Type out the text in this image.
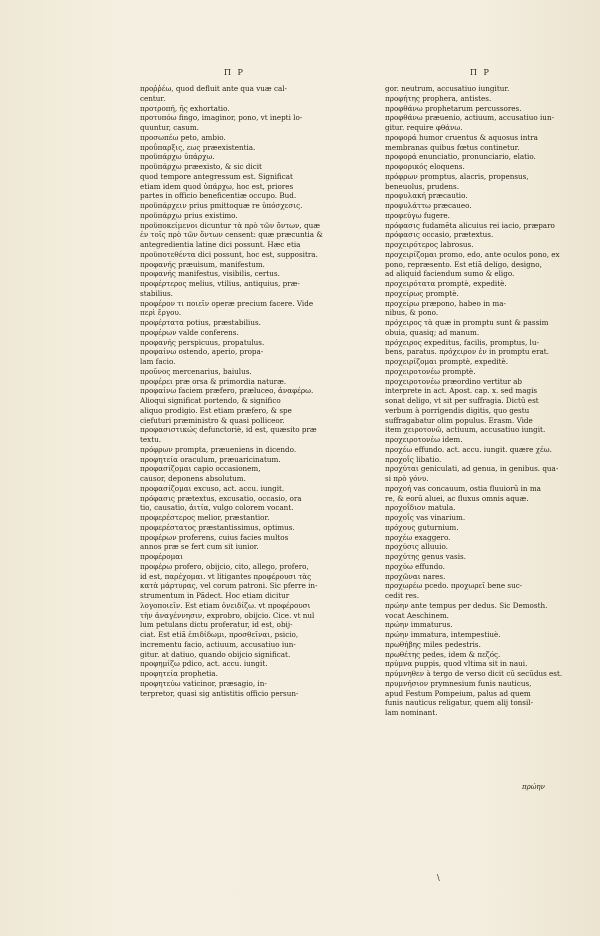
Π Ρ	Π Ρ

προῤῥέω, quod defluit ante qua vuæ cal-

centur.

προτροπή, ῆς exhortatio.

προτυπόω fingo, imaginor, pono, vt inepti lo-

quuntur, casum.

προσωπέω peto, ambio.

προΰπαρξις, εως præexistentia.

* προϋπάρχω ὑπάρχω.

* προϋπάρχω præexisto, & sic dicit

quod tempore antegressum est. Significat

etiam idem quod ὑπάρχω, hoc est, priores

partes in officio beneficentiæ occupo. Bud.

προϋπάρχειν prius pmittoquæ re ὑπόσχεσις.

προϋπάρχω prius existimo.

* προϋποκείμενοι dicuntur τὰ πρὸ τῶν ὄντων, quæ

ἐν τοῖς πρὸ τῶν ὄντων censent: quæ præcuntia &

antegredientia latine dici possunt. Hæc etia

προϋποτεθέντα dici possunt, hoc est, suppositra.

προφανής præuisum, manifestum.

προφανής manifestus, visibilis, certus.

* προφέρτερος melius, vtilius, antiquius, præ-

stabilius.

προφέρον τι ποιεῖν operæ precium facere. Vide

περὶ ἔργου.

προφέρτατα potius, præstabilius.

προφέρων valde conferens.

προφανής perspicuus, propatulus.

προφαίνω ostendo, aperio, propa-

lam facio.

προῦνος mercenarius, baiulus.

* προφέρει præ orsa & primordia naturæ.

* προφαίνω faciem præfero, præluceo, ἀναφέρω.

Alioqui significat portendo, & significo

aliquo prodigio. Est etiam præfero, & spe

ciefuturi præministro & quasi polliceor.

* προφασιστικώς defunctoriè, id est, quæsito præ

textu.

πρόφρων prompta, præueniens in dicendo.

προφητεία oraculum, præuaricinatum.

προφασίζομαι capio occasionem,

causor, deponens absolutum.

προφασίζομαι excuso, act. accu. iungit.

πρόφασις prætextus, excusatio, occasio, ora

tio, causatio, ἀιτία, vulgo colorem vocant.

προφερέστερος melior, præstantior.

προφερέστατος præstantissimus, optimus.

προφέρων proferens, cuius facies multos

annos præ se fert cum sit iunior.

* προφέρομαι

* προφέρω profero, obijcio, cito, allego, profero,

id est, παρέχομαι. vt litigantes προφέρουσι τὰς

κατὰ μάρτυρας, vel corum patroni. Sic pferre in-

strumentum in Pãdect. Hoc etiam dicitur

λογοποιεῖν. Est etiam ὀνειδίζω. vt προφέρουσι

τὴν ἀναγέννησιν, exprobro, obijcio. Cice. vt nul

lum petulans dictu proferatur, id est, obij-

ciat. Est etiã ἐπιδίδωμι, προσθεῖναι, psicio,

incrementu facio, actiuum, accusatiuo iun-

gitur. at datiuo, quando obijcio significat.

προφημίζω pdico, act. accu. iungit.

προφητεία prophetia.

* προφητεύω vaticinor, præsagio, in-

terpretor, quasi sig antistitis officio persun-

gor. neutrum, accusatiuo iungitur.

προφήτης prophera, antistes.

προφθάνω prophetarum percussores.

προφθάνω præuenio, actiuum, accusatiuo iun-

gitur. require φθάνω.

προφορά humor cruentus & aquosus intra

membranas quibus fœtus continetur.

προφορά enunciatio, pronunciario, elatio.

προφορικός eloquens.

* πρόφρων promptus, alacris, propensus,

beneuolus, prudens.

προφυλακή præcautio.

* προφυλάττω præcaueo.

προφεύγω fugere.

* πρόφασις fudamēta alicuius rei iacio, præparo

πρόφασις occasio, prætextus.

προχειρότερος labrosus.

* προχειρίζομαι promo, edo, ante oculos pono, ex

pono, repræsento. Est etiã deligo, designo,

ad aliquid faciendum sumo & eligo.

προχειρότατα promptè, expeditè.

προχείρως promptè.

* προχείρω præpono, habeo in ma-

nibus, & pono.

* πρόχειρος τὰ quæ in promptu sunt & passim

obuia, quasiq; ad manum.

πρόχειρος expeditus, facilis, promptus, lu-

* bens, paratus. πρόχειρον ἐν in promptu erat.

προχειρίζομαι promptè, expeditè.

προχειροτονέω promptè.

* προχειροτονέω præordino vertitur ab

interprete in act. Apost. cap. x. sed magis

sonat deligo, vt sit per suffragia. Dictū est

* verbum à porrigendis digitis, quo gestu

suffragabatur olim populus. Erasm. Vide

item χειροτονῶ, actiuum, accusatiuo iungit.

προχειροτονέω idem.

προχέω effundo. act. accu. iungit. quære χέω.

προχοΐς libatio.

προχύται geniculati, ad genua, in genibus. qua-

si πρὸ γόνυ.

* προχοή vas concauum, ostia fluuiorū in ma

re, & eorū aluei, ac fluxus omnis aquæ.

προχοΐδιον matula.

προχοΐς vas vinarium.

πρόχους guturnium.

προχέω exaggero.

προχύσις alluuio.

προχύτης genus vasis.

* προχύω effundo.

προχῶναι nares.

προχωρέω pcedo. προχωρεῖ bene suc-

cedit res.

* πρώην ante tempus per dedus. Sic Demosth.

vocat Aeschinem.

πρώην immaturus.

πρώην immatura, intempestiuè.

πρωθήβης miles pedestris.

πρωθέτης pedes, idem & πεζός.

πρύμνα puppis, quod vltima sit in naui.

πρύμνηθεν à tergo de verso dicit cū secūdus est.

πρυμνήσιον prymnesium funis nauticus,

apud Festum Pompeium, palus ad quem

funis nauticus religatur, quem alij tonsil-

lam nominant.

πρώην
\
